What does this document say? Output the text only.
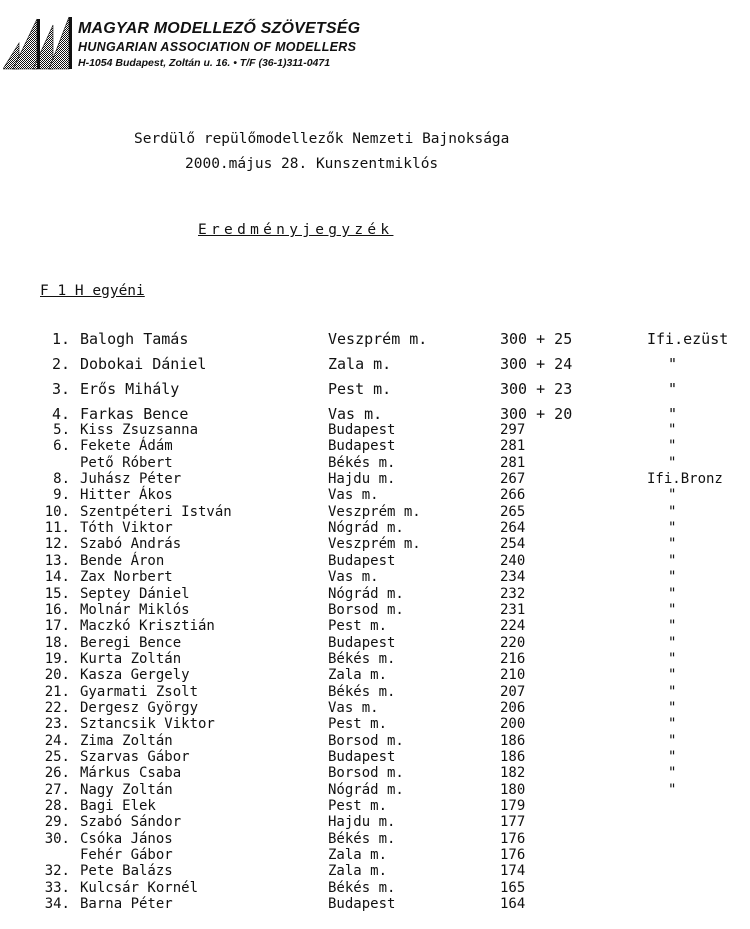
MAGYAR MODELLEZŐ SZÖVETSÉG
HUNGARIAN ASSOCIATION OF MODELLERS
H-1054 Budapest, Zoltán u. 16. • T/F (36-1)311-0471
Serdülő repülőmodellezők Nemzeti Bajnoksága
2000.május 28. Kunszentmiklós
Eredményjegyzék
F 1 H egyéni
1. Balogh Tamás	Veszprém m.	300 + 25	Ifi.ezüst
2. Dobokai Dániel	Zala m.	300 + 24	"
3. Erős Mihály	Pest m.	300 + 23	"
4. Farkas Bence	Vas m.	300 + 20	"
5. Kiss Zsuzsanna	Budapest	297	"
6. Fekete Ádám	Budapest	281	"
Pető Róbert	Békés m.	281	"
8. Juhász Péter	Hajdu m.	267	Ifi.Bronz
9. Hitter Ákos	Vas m.	266	"
10. Szentpéteri István	Veszprém m.	265	"
11. Tóth Viktor	Nógrád m.	264	"
12. Szabó András	Veszprém m.	254	"
13. Bende Áron	Budapest	240	"
14. Zax Norbert	Vas m.	234	"
15. Septey Dániel	Nógrád m.	232	"
16. Molnár Miklós	Borsod m.	231	"
17. Maczkó Krisztián	Pest m.	224	"
18. Beregi Bence	Budapest	220	"
19. Kurta Zoltán	Békés m.	216	"
20. Kasza Gergely	Zala m.	210	"
21. Gyarmati Zsolt	Békés m.	207	"
22. Dergesz György	Vas m.	206	"
23. Sztancsik Viktor	Pest m.	200	"
24. Zima Zoltán	Borsod m.	186	"
25. Szarvas Gábor	Budapest	186	"
26. Márkus Csaba	Borsod m.	182	"
27. Nagy Zoltán	Nógrád m.	180	"
28. Bagi Elek	Pest m.	179
29. Szabó Sándor	Hajdu m.	177
30. Csóka János	Békés m.	176
Fehér Gábor	Zala m.	176
32. Pete Balázs	Zala m.	174
33. Kulcsár Kornél	Békés m.	165
34. Barna Péter	Budapest	164
